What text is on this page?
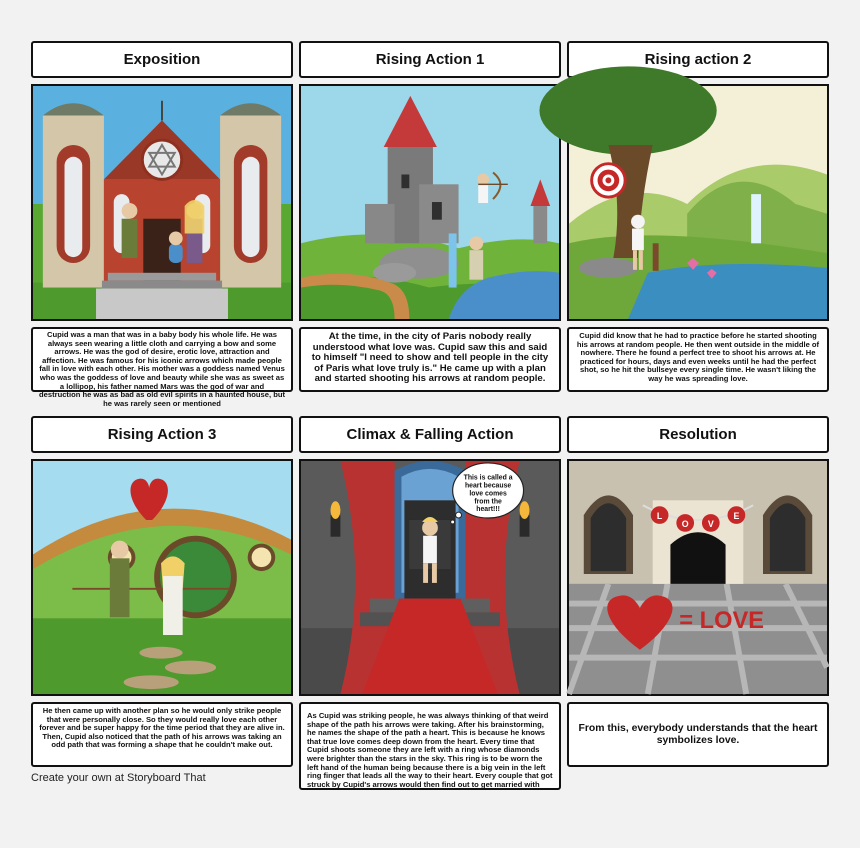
Exposition	Rising Action 1	Rising action 2
Cupid was a man that was in a baby body his whole life. He was always seen wearing a little cloth and carrying a bow and some arrows. He was the god of desire, erotic love, attraction and affection. He was famous for his iconic arrows which made people fall in love with each other. His mother was a goddess named Venus who was the goddess of love and beauty while she was as sweet as a lollipop, his father named Mars was the god of war and destruction he was as bad as old evil spirits in a haunted house, but he was rarely seen or mentioned
At the time, in the city of Paris nobody really understood what love was. Cupid saw this and said to himself "I need to show and tell people in the city of Paris what love truly is." He came up with a plan and started shooting his arrows at random people.
Cupid did know that he had to practice before he started shooting his arrows at random people. He then went outside in the middle of nowhere. There he found a perfect tree to shoot his arrows at. He practiced for hours, days and even weeks until he had the perfect shot, so he hit the bullseye every single time. He wasn't liking the way he was spreading love.
Rising Action 3	Climax & Falling Action	Resolution
This is called a
heart because
love comes
from the
heart!!!
L
O V
E
= LOVE
He then came up with another plan so he would only strike people that were personally close. So they would really love each other forever and be super happy for the time period that they are alive in. Then, Cupid also noticed that the path of his arrows was taking an odd path that was forming a shape that he couldn't make out.
As Cupid was striking people, he was always thinking of that weird shape of the path his arrows were taking. After his brainstorming, he names the shape of the path a heart. This is because he knows that true love comes deep down from the heart. Every time that Cupid shoots someone they are left with a ring whose diamonds were brighter than the stars in the sky. This ring is to be worn the left hand of the human being because there is a big vein in the left ring finger that leads all the way to their heart. Every couple that got struck by Cupid's arrows would then find out to get married with
From this, everybody understands that the heart symbolizes love.
Create your own at Storyboard That
